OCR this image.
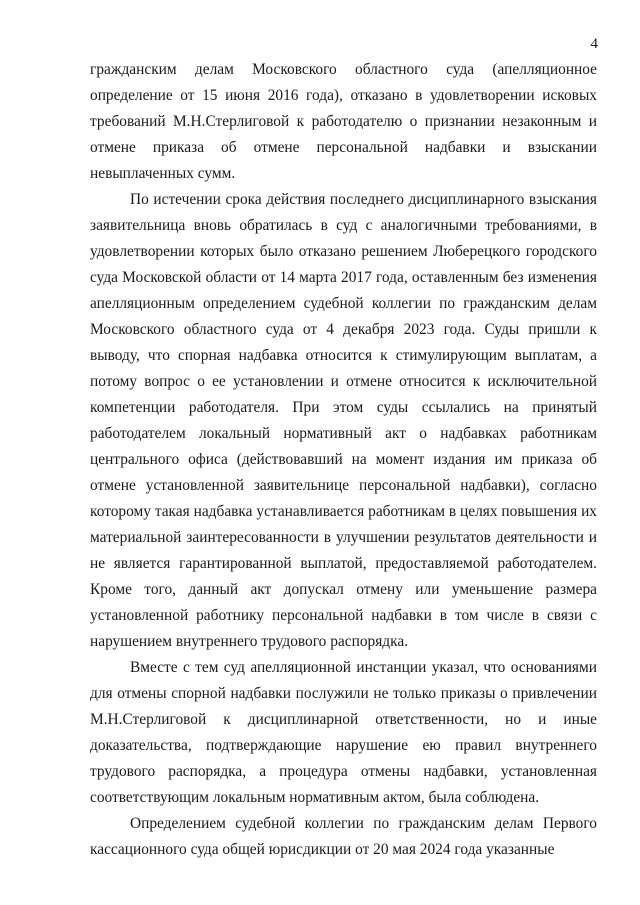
4

гражданским делам Московского областного суда (апелляционное определение от 15 июня 2016 года), отказано в удовлетворении исковых требований М.Н.Стерлиговой к работодателю о признании незаконным и отмене приказа об отмене персональной надбавки и взыскании невыплаченных сумм.

По истечении срока действия последнего дисциплинарного взыскания заявительница вновь обратилась в суд с аналогичными требованиями, в удовлетворении которых было отказано решением Люберецкого городского суда Московской области от 14 марта 2017 года, оставленным без изменения апелляционным определением судебной коллегии по гражданским делам Московского областного суда от 4 декабря 2023 года. Суды пришли к выводу, что спорная надбавка относится к стимулирующим выплатам, а потому вопрос о ее установлении и отмене относится к исключительной компетенции работодателя. При этом суды ссылались на принятый работодателем локальный нормативный акт о надбавках работникам центрального офиса (действовавший на момент издания им приказа об отмене установленной заявительнице персональной надбавки), согласно которому такая надбавка устанавливается работникам в целях повышения их материальной заинтересованности в улучшении результатов деятельности и не является гарантированной выплатой, предоставляемой работодателем. Кроме того, данный акт допускал отмену или уменьшение размера установленной работнику персональной надбавки в том числе в связи с нарушением внутреннего трудового распорядка.

Вместе с тем суд апелляционной инстанции указал, что основаниями для отмены спорной надбавки послужили не только приказы о привлечении М.Н.Стерлиговой к дисциплинарной ответственности, но и иные доказательства, подтверждающие нарушение ею правил внутреннего трудового распорядка, а процедура отмены надбавки, установленная соответствующим локальным нормативным актом, была соблюдена.

Определением судебной коллегии по гражданским делам Первого кассационного суда общей юрисдикции от 20 мая 2024 года указанные
